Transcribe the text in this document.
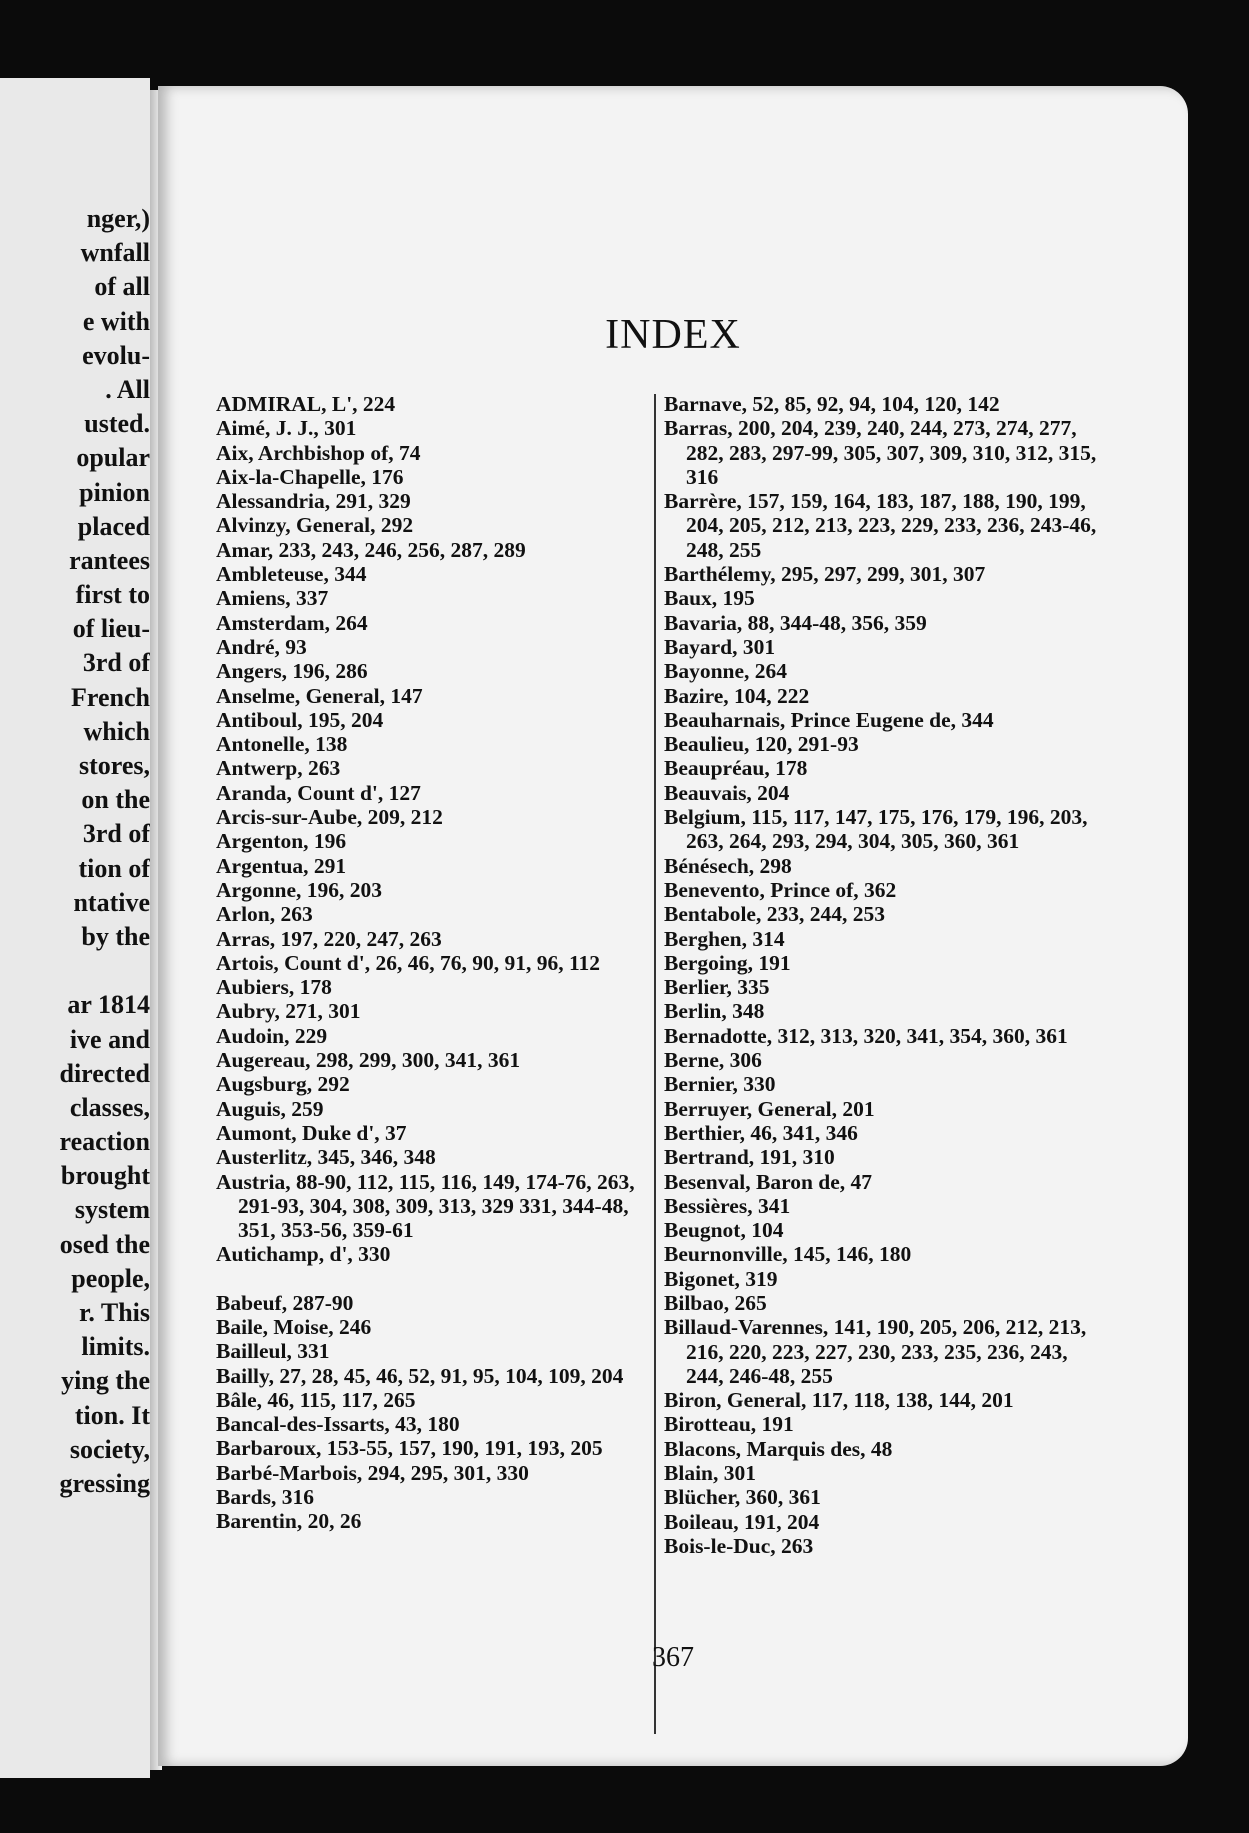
nger,)
wnfall
of all
e with
evolu-
. All
usted.
opular
pinion
placed
rantees
first to
of lieu-
3rd of
French
which
stores,
on the
3rd of
tion of
ntative
by the
ar 1814
ive and
directed
classes,
reaction
brought
system
osed the
people,
r. This
limits.
ying the
tion. It
society,
gressing
INDEX
ADMIRAL, L', 224
Aimé, J. J., 301
Aix, Archbishop of, 74
Aix-la-Chapelle, 176
Alessandria, 291, 329
Alvinzy, General, 292
Amar, 233, 243, 246, 256, 287, 289
Ambleteuse, 344
Amiens, 337
Amsterdam, 264
André, 93
Angers, 196, 286
Anselme, General, 147
Antiboul, 195, 204
Antonelle, 138
Antwerp, 263
Aranda, Count d', 127
Arcis-sur-Aube, 209, 212
Argenton, 196
Argentua, 291
Argonne, 196, 203
Arlon, 263
Arras, 197, 220, 247, 263
Artois, Count d', 26, 46, 76, 90, 91, 96, 112
Aubiers, 178
Aubry, 271, 301
Audoin, 229
Augereau, 298, 299, 300, 341, 361
Augsburg, 292
Auguis, 259
Aumont, Duke d', 37
Austerlitz, 345, 346, 348
Austria, 88-90, 112, 115, 116, 149, 174-76, 263, 291-93, 304, 308, 309, 313, 329 331, 344-48, 351, 353-56, 359-61
Autichamp, d', 330
Babeuf, 287-90
Baile, Moise, 246
Bailleul, 331
Bailly, 27, 28, 45, 46, 52, 91, 95, 104, 109, 204
Bâle, 46, 115, 117, 265
Bancal-des-Issarts, 43, 180
Barbaroux, 153-55, 157, 190, 191, 193, 205
Barbé-Marbois, 294, 295, 301, 330
Bards, 316
Barentin, 20, 26
Barnave, 52, 85, 92, 94, 104, 120, 142
Barras, 200, 204, 239, 240, 244, 273, 274, 277, 282, 283, 297-99, 305, 307, 309, 310, 312, 315, 316
Barrère, 157, 159, 164, 183, 187, 188, 190, 199, 204, 205, 212, 213, 223, 229, 233, 236, 243-46, 248, 255
Barthélemy, 295, 297, 299, 301, 307
Baux, 195
Bavaria, 88, 344-48, 356, 359
Bayard, 301
Bayonne, 264
Bazire, 104, 222
Beauharnais, Prince Eugene de, 344
Beaulieu, 120, 291-93
Beaupréau, 178
Beauvais, 204
Belgium, 115, 117, 147, 175, 176, 179, 196, 203, 263, 264, 293, 294, 304, 305, 360, 361
Bénésech, 298
Benevento, Prince of, 362
Bentabole, 233, 244, 253
Berghen, 314
Bergoing, 191
Berlier, 335
Berlin, 348
Bernadotte, 312, 313, 320, 341, 354, 360, 361
Berne, 306
Bernier, 330
Berruyer, General, 201
Berthier, 46, 341, 346
Bertrand, 191, 310
Besenval, Baron de, 47
Bessières, 341
Beugnot, 104
Beurnonville, 145, 146, 180
Bigonet, 319
Bilbao, 265
Billaud-Varennes, 141, 190, 205, 206, 212, 213, 216, 220, 223, 227, 230, 233, 235, 236, 243, 244, 246-48, 255
Biron, General, 117, 118, 138, 144, 201
Birotteau, 191
Blacons, Marquis des, 48
Blain, 301
Blücher, 360, 361
Boileau, 191, 204
Bois-le-Duc, 263
367
